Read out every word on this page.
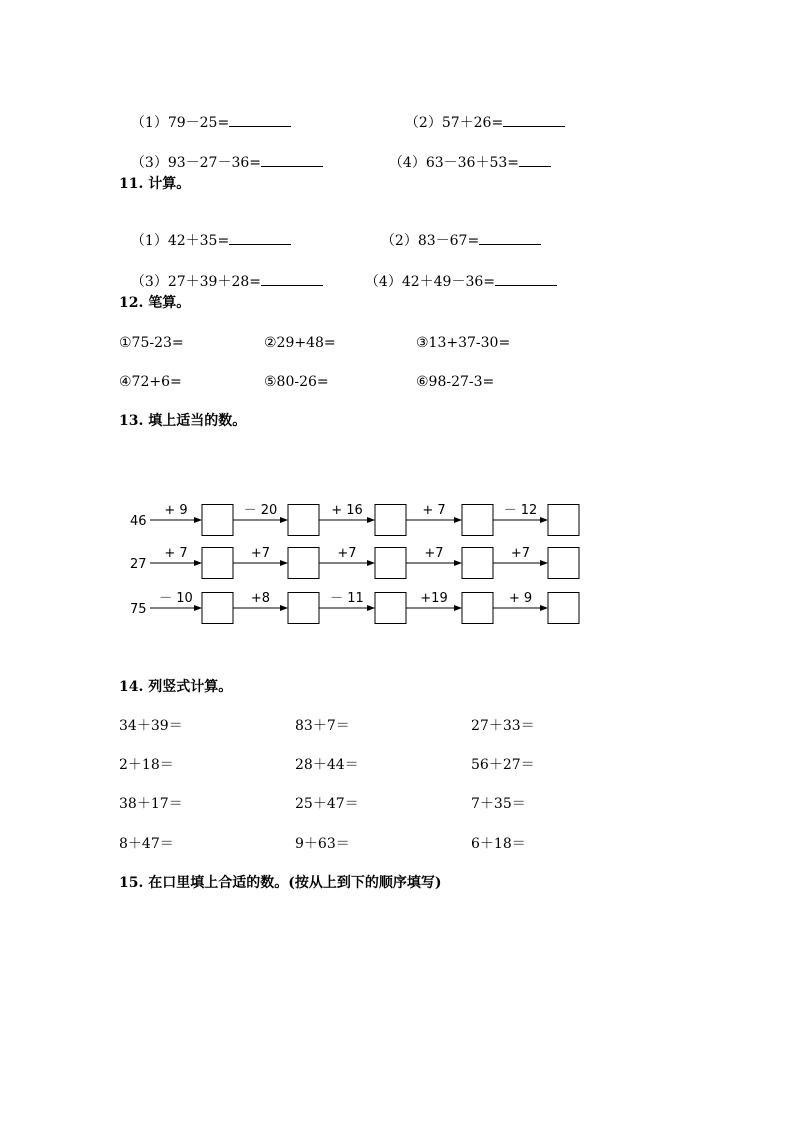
（1）79－25=	（2）57＋26=

（3）93－27－36=	（4）63－36＋53=

11. 计算。

（1）42＋35=	（2）83－67=

（3）27＋39＋28=	（4）42＋49－36=

12. 笔算。
①75-23=	②29+48=	③13+37-30=
④72+6=	⑤80-26=	⑥98-27-3=
13. 填上适当的数。
46
+ 9	－ 20	+ 16	+ 7	－ 12
27
+ 7	+7	+7	+7	+7
75
－ 10	+8	－ 11	+19	+ 9
14. 列竖式计算。
34＋39＝	83＋7＝	27＋33＝
2＋18＝	28＋44＝	56＋27＝
38＋17＝	25＋47＝	7＋35＝
8＋47＝	9＋63＝	6＋18＝
15. 在口里填上合适的数。(按从上到下的顺序填写)
